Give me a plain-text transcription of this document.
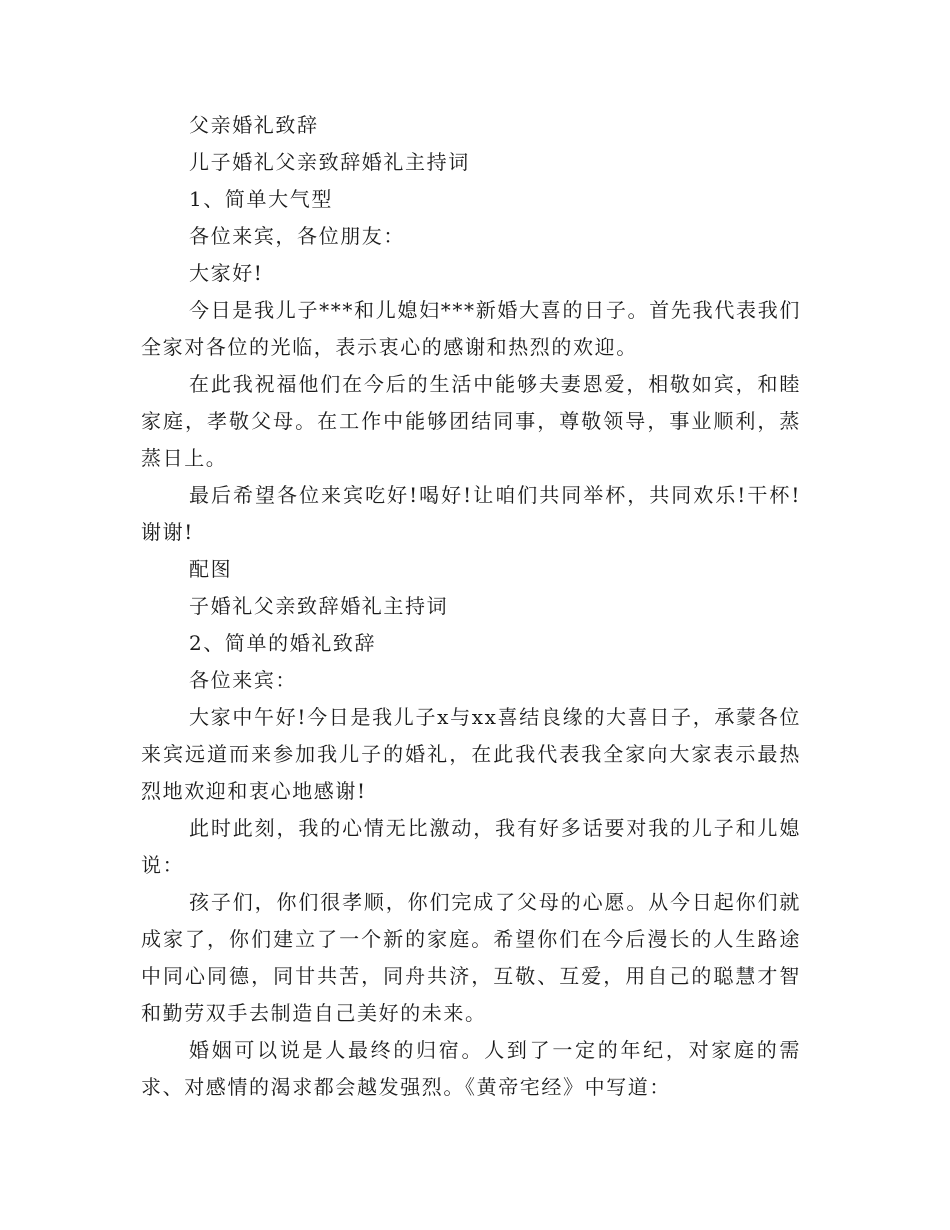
父亲婚礼致辞

儿子婚礼父亲致辞婚礼主持词

1、简单大气型

各位来宾，各位朋友：

大家好!

今日是我儿子***和儿媳妇***新婚大喜的日子。首先我代表我们全家对各位的光临，表示衷心的感谢和热烈的欢迎。

在此我祝福他们在今后的生活中能够夫妻恩爱，相敬如宾，和睦家庭，孝敬父母。在工作中能够团结同事，尊敬领导，事业顺利，蒸蒸日上。

最后希望各位来宾吃好!喝好!让咱们共同举杯，共同欢乐!干杯!谢谢!

配图

子婚礼父亲致辞婚礼主持词

2、简单的婚礼致辞

各位来宾：

大家中午好!今日是我儿子x与xx喜结良缘的大喜日子，承蒙各位来宾远道而来参加我儿子的婚礼，在此我代表我全家向大家表示最热烈地欢迎和衷心地感谢!

此时此刻，我的心情无比激动，我有好多话要对我的儿子和儿媳说：

孩子们，你们很孝顺，你们完成了父母的心愿。从今日起你们就成家了，你们建立了一个新的家庭。希望你们在今后漫长的人生路途中同心同德，同甘共苦，同舟共济，互敬、互爱，用自己的聪慧才智和勤劳双手去制造自己美好的未来。

婚姻可以说是人最终的归宿。人到了一定的年纪，对家庭的需求、对感情的渴求都会越发强烈。《黄帝宅经》中写道：
